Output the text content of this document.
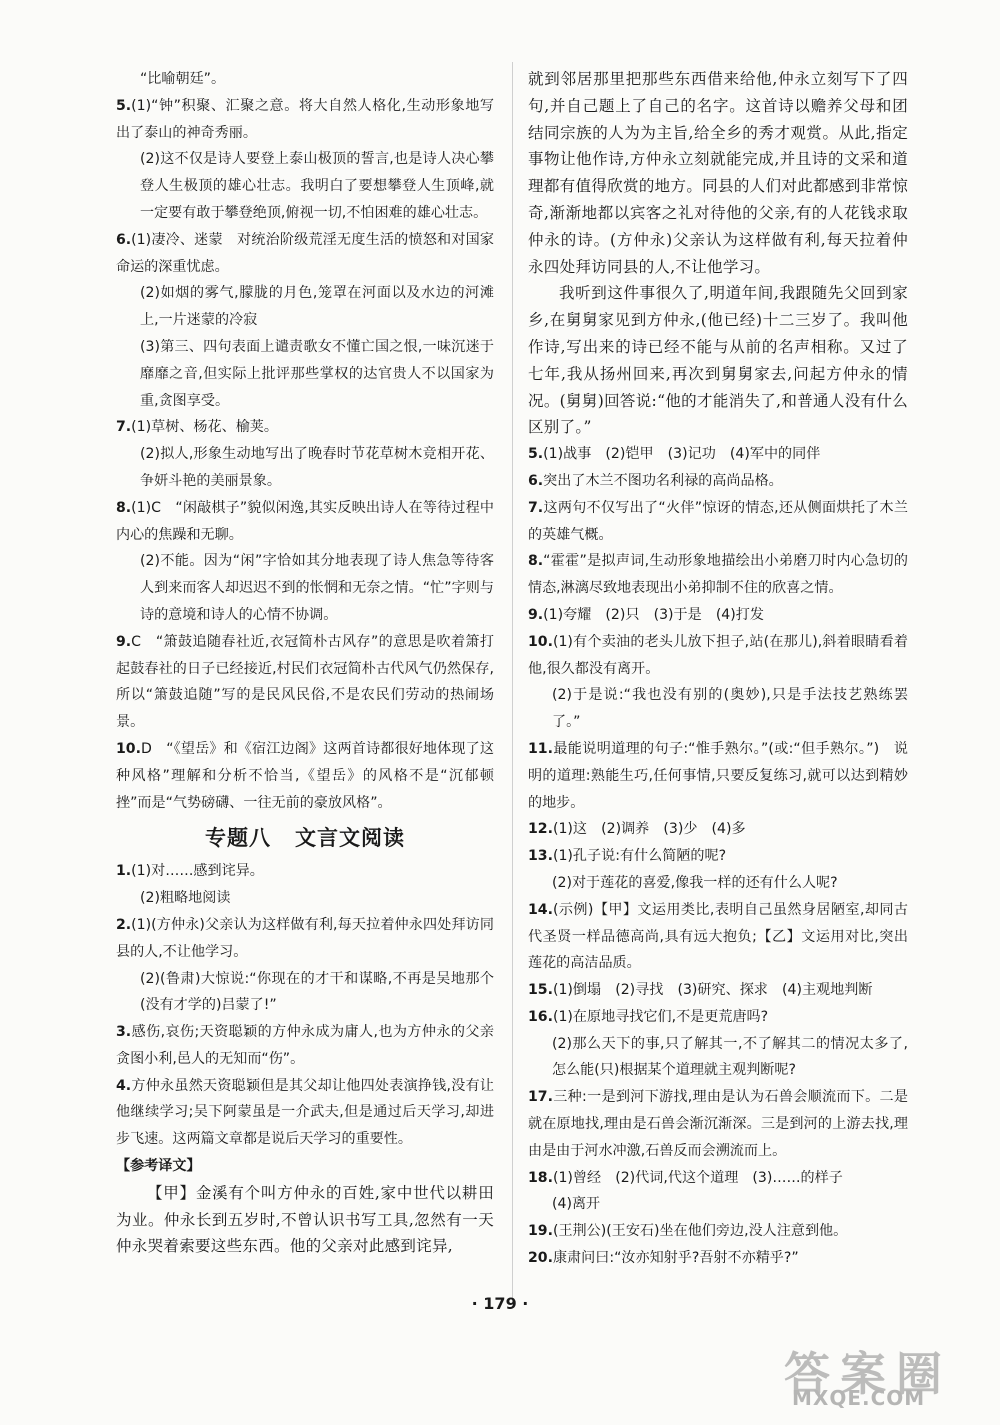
“比喻朝廷”。

5.(1)“钟”积聚、汇聚之意。将大自然人格化,生动形象地写出了泰山的神奇秀丽。

(2)这不仅是诗人要登上泰山极顶的誓言,也是诗人决心攀登人生极顶的雄心壮志。我明白了要想攀登人生顶峰,就一定要有敢于攀登绝顶,俯视一切,不怕困难的雄心壮志。

6.(1)凄冷、迷蒙　对统治阶级荒淫无度生活的愤怒和对国家命运的深重忧虑。

(2)如烟的雾气,朦胧的月色,笼罩在河面以及水边的河滩上,一片迷蒙的冷寂

(3)第三、四句表面上谴责歌女不懂亡国之恨,一味沉迷于靡靡之音,但实际上批评那些掌权的达官贵人不以国家为重,贪图享受。

7.(1)草树、杨花、榆荚。

(2)拟人,形象生动地写出了晚春时节花草树木竞相开花、争妍斗艳的美丽景象。

8.(1)C　“闲敲棋子”貌似闲逸,其实反映出诗人在等待过程中内心的焦躁和无聊。

(2)不能。因为“闲”字恰如其分地表现了诗人焦急等待客人到来而客人却迟迟不到的怅惘和无奈之情。“忙”字则与诗的意境和诗人的心情不协调。

9.C　“箫鼓追随春社近,衣冠简朴古风存”的意思是吹着箫打起鼓春社的日子已经接近,村民们衣冠简朴古代风气仍然保存,所以“箫鼓追随”写的是民风民俗,不是农民们劳动的热闹场景。

10.D　“《望岳》和《宿江边阁》这两首诗都很好地体现了这种风格”理解和分析不恰当,《望岳》的风格不是“沉郁顿挫”而是“气势磅礴、一往无前的豪放风格”。

专题八 文言文阅读

1.(1)对……感到诧异。

(2)粗略地阅读

2.(1)(方仲永)父亲认为这样做有利,每天拉着仲永四处拜访同县的人,不让他学习。

(2)(鲁肃)大惊说:“你现在的才干和谋略,不再是吴地那个(没有才学的)吕蒙了!”

3.感伤,哀伤;天资聪颖的方仲永成为庸人,也为方仲永的父亲贪图小利,邑人的无知而“伤”。

4.方仲永虽然天资聪颖但是其父却让他四处表演挣钱,没有让他继续学习;吴下阿蒙虽是一介武夫,但是通过后天学习,却进步飞速。这两篇文章都是说后天学习的重要性。

【参考译文】

【甲】金溪有个叫方仲永的百姓,家中世代以耕田为业。仲永长到五岁时,不曾认识书写工具,忽然有一天仲永哭着索要这些东西。他的父亲对此感到诧异,

就到邻居那里把那些东西借来给他,仲永立刻写下了四句,并自己题上了自己的名字。这首诗以赡养父母和团结同宗族的人为为主旨,给全乡的秀才观赏。从此,指定事物让他作诗,方仲永立刻就能完成,并且诗的文采和道理都有值得欣赏的地方。同县的人们对此都感到非常惊奇,渐渐地都以宾客之礼对待他的父亲,有的人花钱求取仲永的诗。(方仲永)父亲认为这样做有利,每天拉着仲永四处拜访同县的人,不让他学习。

我听到这件事很久了,明道年间,我跟随先父回到家乡,在舅舅家见到方仲永,(他已经)十二三岁了。我叫他作诗,写出来的诗已经不能与从前的名声相称。又过了七年,我从扬州回来,再次到舅舅家去,问起方仲永的情况。(舅舅)回答说:“他的才能消失了,和普通人没有什么区别了。”

5.(1)战事　(2)铠甲　(3)记功　(4)军中的同伴

6.突出了木兰不图功名利禄的高尚品格。

7.这两句不仅写出了“火伴”惊讶的情态,还从侧面烘托了木兰的英雄气概。

8.“霍霍”是拟声词,生动形象地描绘出小弟磨刀时内心急切的情态,淋漓尽致地表现出小弟抑制不住的欣喜之情。

9.(1)夸耀　(2)只　(3)于是　(4)打发

10.(1)有个卖油的老头儿放下担子,站(在那儿),斜着眼睛看着他,很久都没有离开。

(2)于是说:“我也没有别的(奥妙),只是手法技艺熟练罢了。”

11.最能说明道理的句子:“惟手熟尔。”(或:“但手熟尔。”)　说明的道理:熟能生巧,任何事情,只要反复练习,就可以达到精妙的地步。

12.(1)这　(2)调养　(3)少　(4)多

13.(1)孔子说:有什么简陋的呢?

(2)对于莲花的喜爱,像我一样的还有什么人呢?

14.(示例)【甲】文运用类比,表明自己虽然身居陋室,却同古代圣贤一样品德高尚,具有远大抱负;【乙】文运用对比,突出莲花的高洁品质。

15.(1)倒塌　(2)寻找　(3)研究、探求　(4)主观地判断

16.(1)在原地寻找它们,不是更荒唐吗?

(2)那么天下的事,只了解其一,不了解其二的情况太多了,怎么能(只)根据某个道理就主观判断呢?

17.三种:一是到河下游找,理由是认为石兽会顺流而下。二是就在原地找,理由是石兽会渐沉渐深。三是到河的上游去找,理由是由于河水冲激,石兽反而会溯流而上。

18.(1)曾经　(2)代词,代这个道理　(3)……的样子

(4)离开

19.(王荆公)(王安石)坐在他们旁边,没人注意到他。

20.康肃问曰:“汝亦知射乎?吾射不亦精乎?”

· 179 ·
答 案 圈
MXQE.COM
